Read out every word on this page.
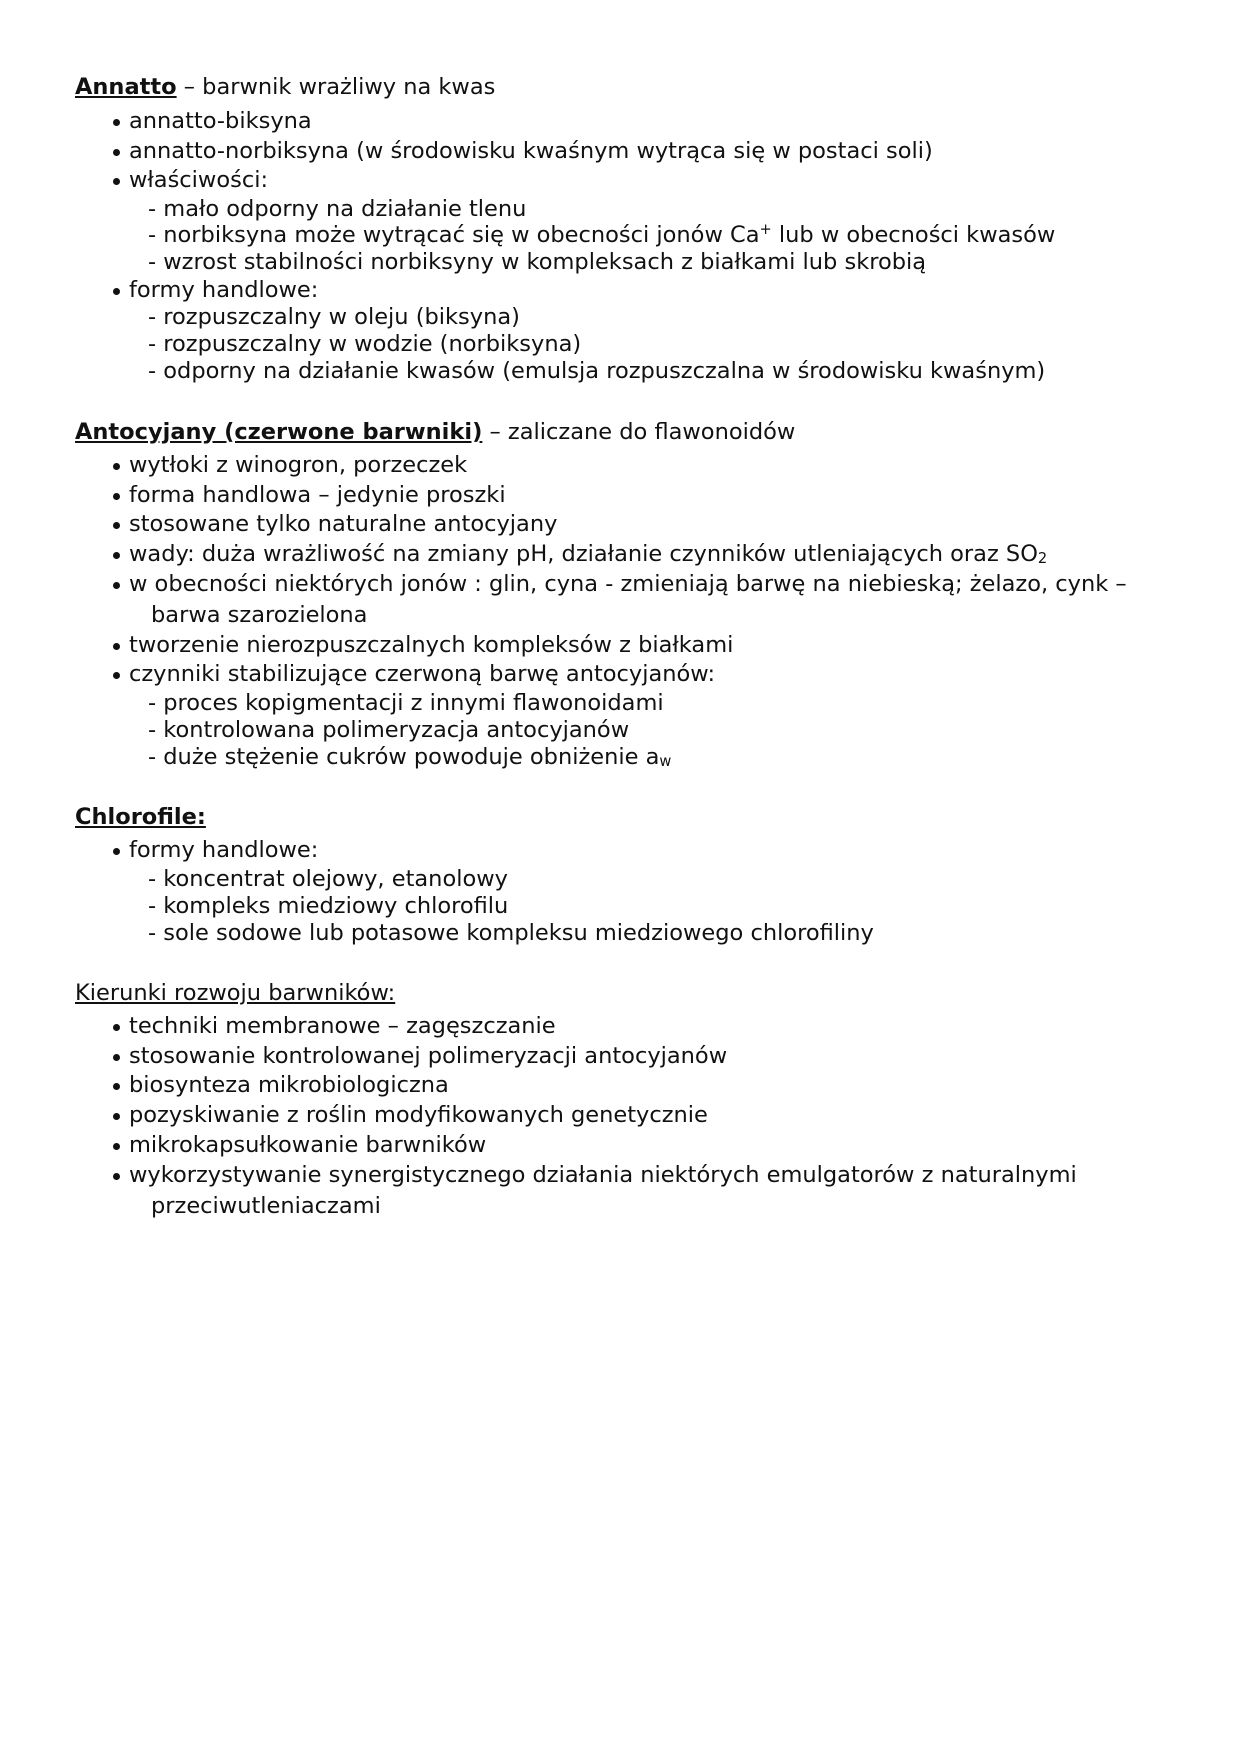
Annatto – barwnik wrażliwy na kwas
annatto-biksyna
annatto-norbiksyna (w środowisku kwaśnym wytrąca się w postaci soli)
właściwości:
- mało odporny na działanie tlenu
- norbiksyna może wytrącać się w obecności jonów Ca+ lub w obecności kwasów
- wzrost stabilności norbiksyny w kompleksach z białkami lub skrobią
formy handlowe:
- rozpuszczalny w oleju (biksyna)
- rozpuszczalny w wodzie (norbiksyna)
- odporny na działanie kwasów (emulsja rozpuszczalna w środowisku kwaśnym)
Antocyjany (czerwone barwniki) – zaliczane do flawonoidów
wytłoki z winogron, porzeczek
forma handlowa – jedynie proszki
stosowane tylko naturalne antocyjany
wady: duża wrażliwość na zmiany pH, działanie czynników utleniających oraz $SO_2$
w obecności niektórych jonów : glin, cyna - zmieniają barwę na niebieską; żelazo, cynk –
barwa szarozielona
tworzenie nierozpuszczalnych kompleksów z białkami
czynniki stabilizujące czerwoną barwę antocyjanów:
- proces kopigmentacji z innymi flawonoidami
- kontrolowana polimeryzacja antocyjanów
- duże stężenie cukrów powoduje obniżenie $a_w$
Chlorofile:
formy handlowe:
- koncentrat olejowy, etanolowy
- kompleks miedziowy chlorofilu
- sole sodowe lub potasowe kompleksu miedziowego chlorofiliny
Kierunki rozwoju barwników:
techniki membranowe – zagęszczanie
stosowanie kontrolowanej polimeryzacji antocyjanów
biosynteza mikrobiologiczna
pozyskiwanie z roślin modyfikowanych genetycznie
mikrokapsułkowanie barwników
wykorzystywanie synergistycznego działania niektórych emulgatorów z naturalnymi
przeciwutleniaczami
